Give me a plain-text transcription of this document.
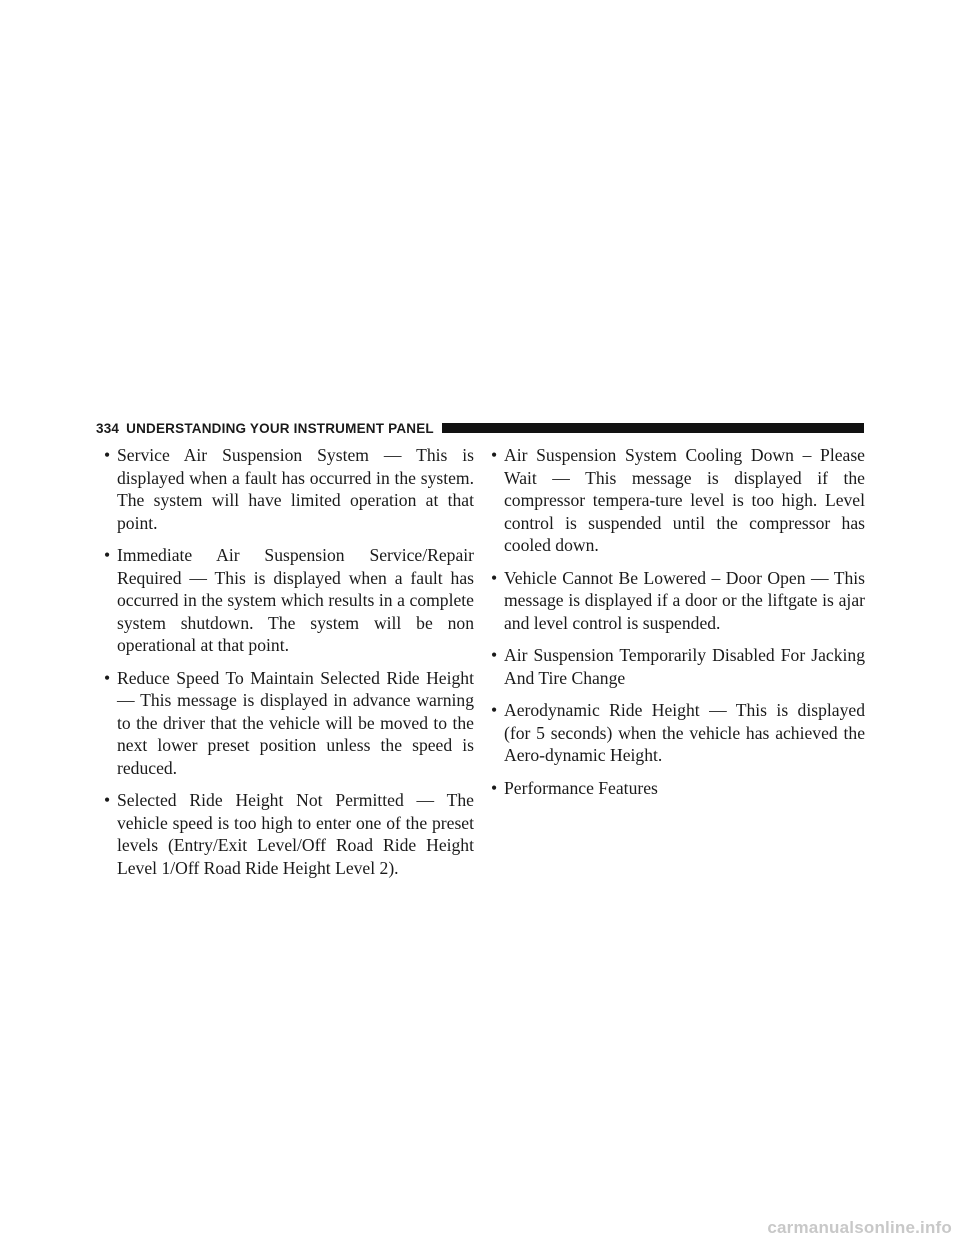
334 UNDERSTANDING YOUR INSTRUMENT PANEL
• Service Air Suspension System — This is displayed when a fault has occurred in the system. The system will have limited operation at that point.
• Immediate Air Suspension Service/Repair Required — This is displayed when a fault has occurred in the system which results in a complete system shutdown. The system will be non operational at that point.
• Reduce Speed To Maintain Selected Ride Height — This message is displayed in advance warning to the driver that the vehicle will be moved to the next lower preset position unless the speed is reduced.
• Selected Ride Height Not Permitted — The vehicle speed is too high to enter one of the preset levels (Entry/Exit Level/Off Road Ride Height Level 1/Off Road Ride Height Level 2).
• Air Suspension System Cooling Down – Please Wait — This message is displayed if the compressor tempera-ture level is too high. Level control is suspended until the compressor has cooled down.
• Vehicle Cannot Be Lowered – Door Open — This message is displayed if a door or the liftgate is ajar and level control is suspended.
• Air Suspension Temporarily Disabled For Jacking And Tire Change
• Aerodynamic Ride Height — This is displayed (for 5 seconds) when the vehicle has achieved the Aero-dynamic Height.
• Performance Features
carmanualsonline.info
